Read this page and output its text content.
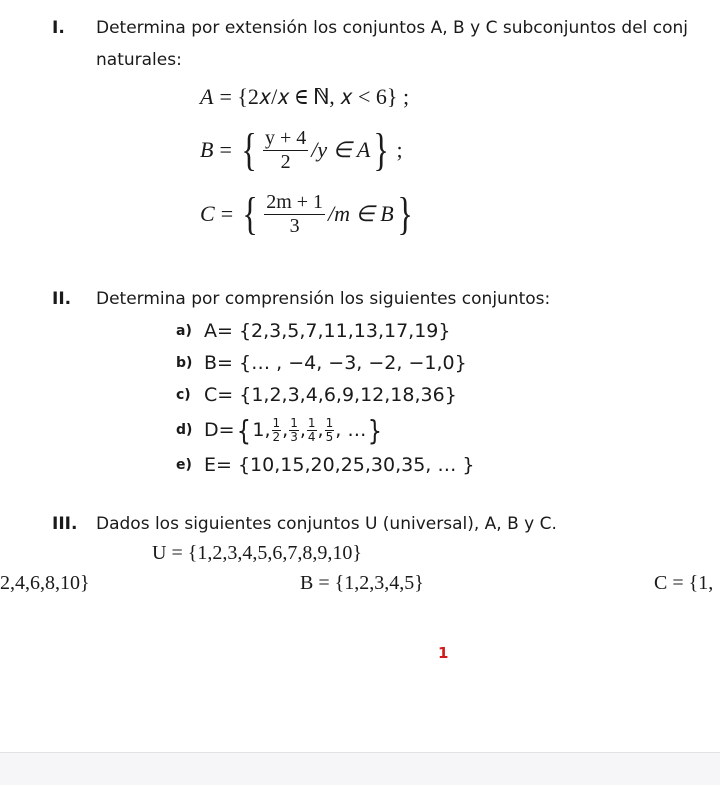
I. Determina por extensión los conjuntos A, B y C subconjuntos del conj
naturales:
A = {2𝑥/𝑥 ∈ ℕ, 𝑥 < 6} ;
B = { $\frac{y + 4}{2} /y$ ∈ A } ;
C = { $\frac{2m + 1}{3} /m$ ∈ B }
II. Determina por comprensión los siguientes conjuntos:
a) A= {2,3,5,7,11,13,17,19}
b) B= {… , −4, −3, −2, −1,0}
c) C= {1,2,3,4,6,9,12,18,36}
d) D= { 1, $\frac{1}{2}$ , $\frac{1}{3}$ , $\frac{1}{4}$ , $\frac{1}{5}$ , … }
e) E= {10,15,20,25,30,35, … }
III. Dados los siguientes conjuntos U (universal), A, B y C.
U = {1,2,3,4,5,6,7,8,9,10}
2,4,6,8,10}	B = {1,2,3,4,5}	C = {1,
1
